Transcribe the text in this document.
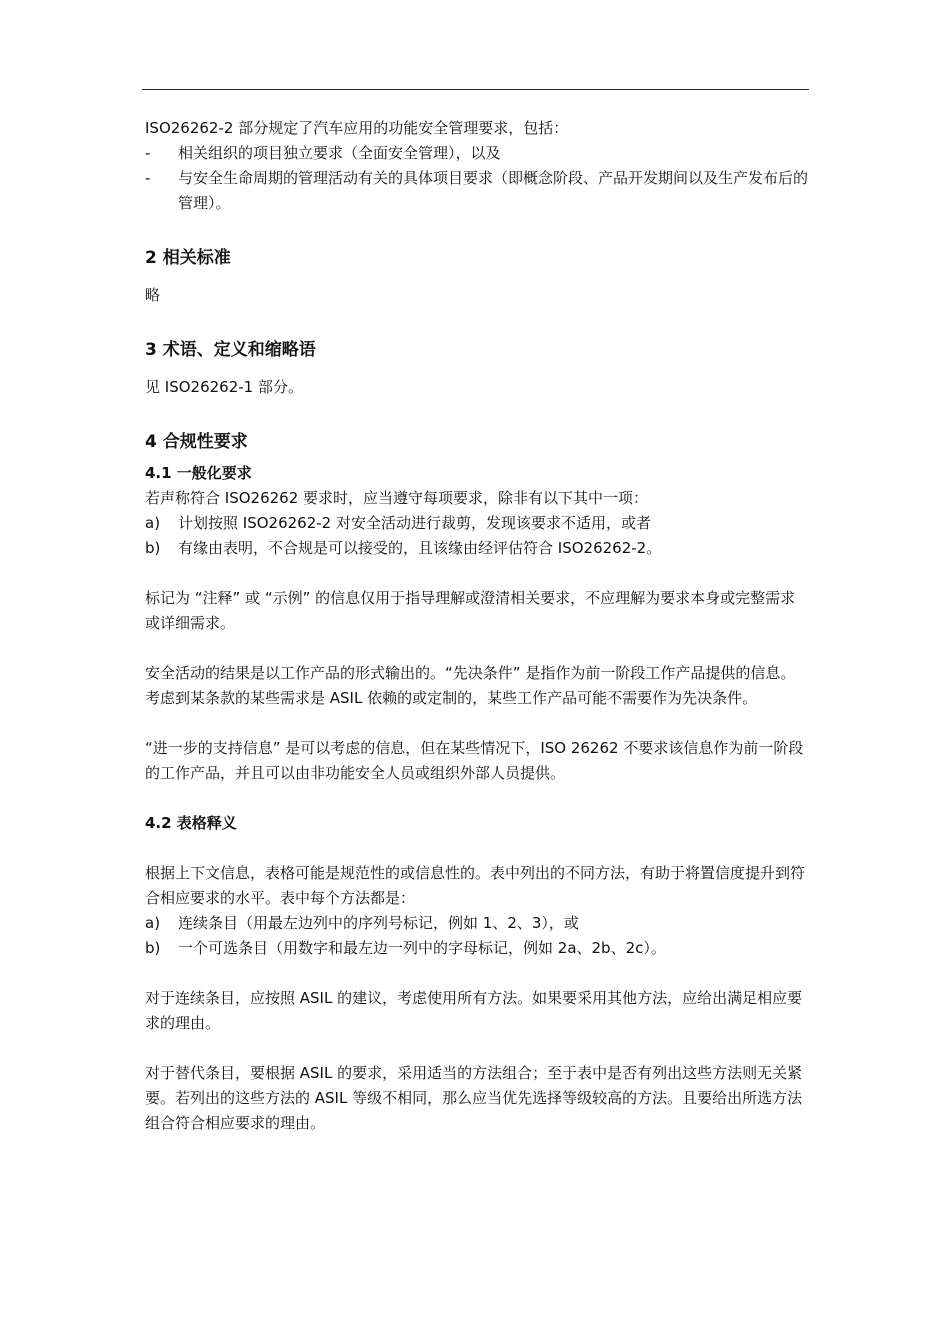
ISO26262-2 部分规定了汽车应用的功能安全管理要求，包括：

-	相关组织的项目独立要求（全面安全管理），以及
-	与安全生命周期的管理活动有关的具体项目要求（即概念阶段、产品开发期间以及生产发布后的管理）。
2 相关标准

略

3 术语、定义和缩略语

见 ISO26262-1 部分。

4 合规性要求
4.1 一般化要求

若声称符合 ISO26262 要求时，应当遵守每项要求，除非有以下其中一项：

a)	计划按照 ISO26262-2 对安全活动进行裁剪，发现该要求不适用，或者
b)	有缘由表明，不合规是可以接受的，且该缘由经评估符合 ISO26262-2。

标记为 “注释” 或 “示例” 的信息仅用于指导理解或澄清相关要求，不应理解为要求本身或完整需求或详细需求。

安全活动的结果是以工作产品的形式输出的。“先决条件” 是指作为前一阶段工作产品提供的信息。考虑到某条款的某些需求是 ASIL 依赖的或定制的，某些工作产品可能不需要作为先决条件。

“进一步的支持信息” 是可以考虑的信息，但在某些情况下，ISO 26262 不要求该信息作为前一阶段的工作产品，并且可以由非功能安全人员或组织外部人员提供。

4.2 表格释义

根据上下文信息，表格可能是规范性的或信息性的。表中列出的不同方法，有助于将置信度提升到符合相应要求的水平。表中每个方法都是：

a)	连续条目（用最左边列中的序列号标记，例如 1、2、3），或
b)	一个可选条目（用数字和最左边一列中的字母标记，例如 2a、2b、2c）。

对于连续条目，应按照 ASIL 的建议，考虑使用所有方法。如果要采用其他方法，应给出满足相应要求的理由。

对于替代条目，要根据 ASIL 的要求，采用适当的方法组合；至于表中是否有列出这些方法则无关紧要。若列出的这些方法的 ASIL 等级不相同，那么应当优先选择等级较高的方法。且要给出所选方法组合符合相应要求的理由。
